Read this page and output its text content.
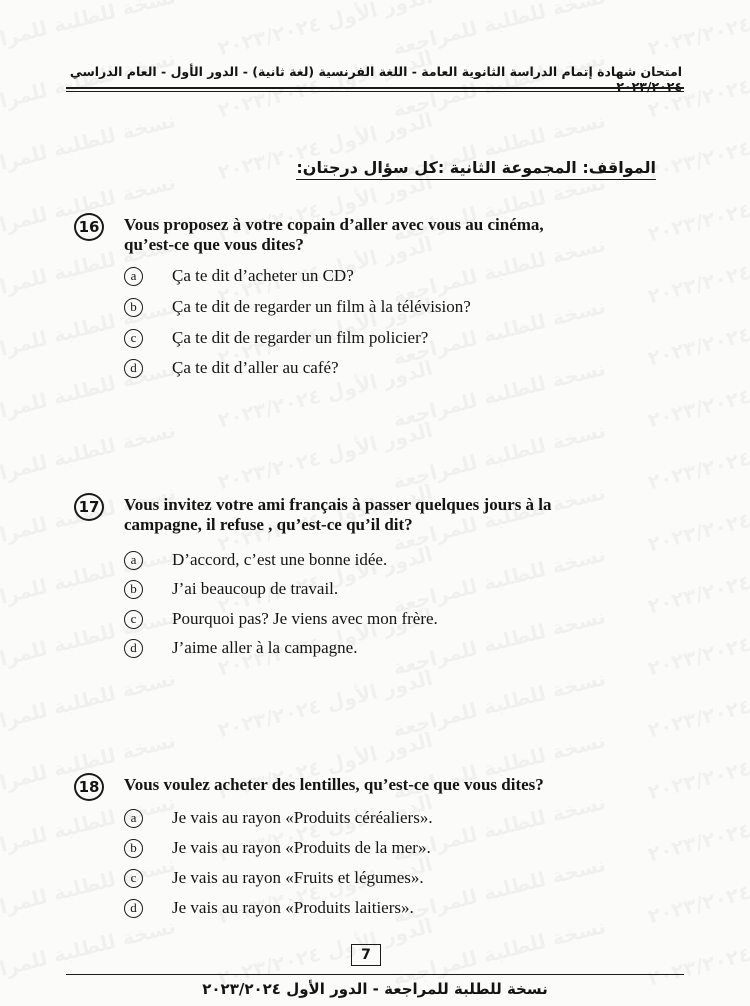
امتحان شهادة إتمام الدراسة الثانوية العامة - اللغة الفرنسية (لغة ثانية) - الدور الأول - العام الدراسي ٢٠٢٣/٢٠٢٤
المواقف: المجموعة الثانية :كل سؤال درجتان:
16 Vous proposez à votre copain d’aller avec vous au cinéma,
qu’est-ce que vous dites?
a	Ça te dit d’acheter un CD?
b	Ça te dit de regarder un film à la télévision?
c	Ça te dit de regarder un film policier?
d	Ça te dit d’aller au café?
17 Vous invitez votre ami français à passer quelques jours à la
campagne, il refuse , qu’est-ce qu’il dit?
a	D’accord, c’est une bonne idée.
b	J’ai beaucoup de travail.
c	Pourquoi pas? Je viens avec mon frère.
d	J’aime aller à la campagne.
18 Vous voulez acheter des lentilles, qu’est-ce que vous dites?
a	Je vais au rayon «Produits céréaliers».
b	Je vais au rayon «Produits de la mer».
c	Je vais au rayon «Fruits et légumes».
d	Je vais au rayon «Produits laitiers».
7
نسخة للطلبة للمراجعة - الدور الأول ٢٠٢٣/٢٠٢٤
